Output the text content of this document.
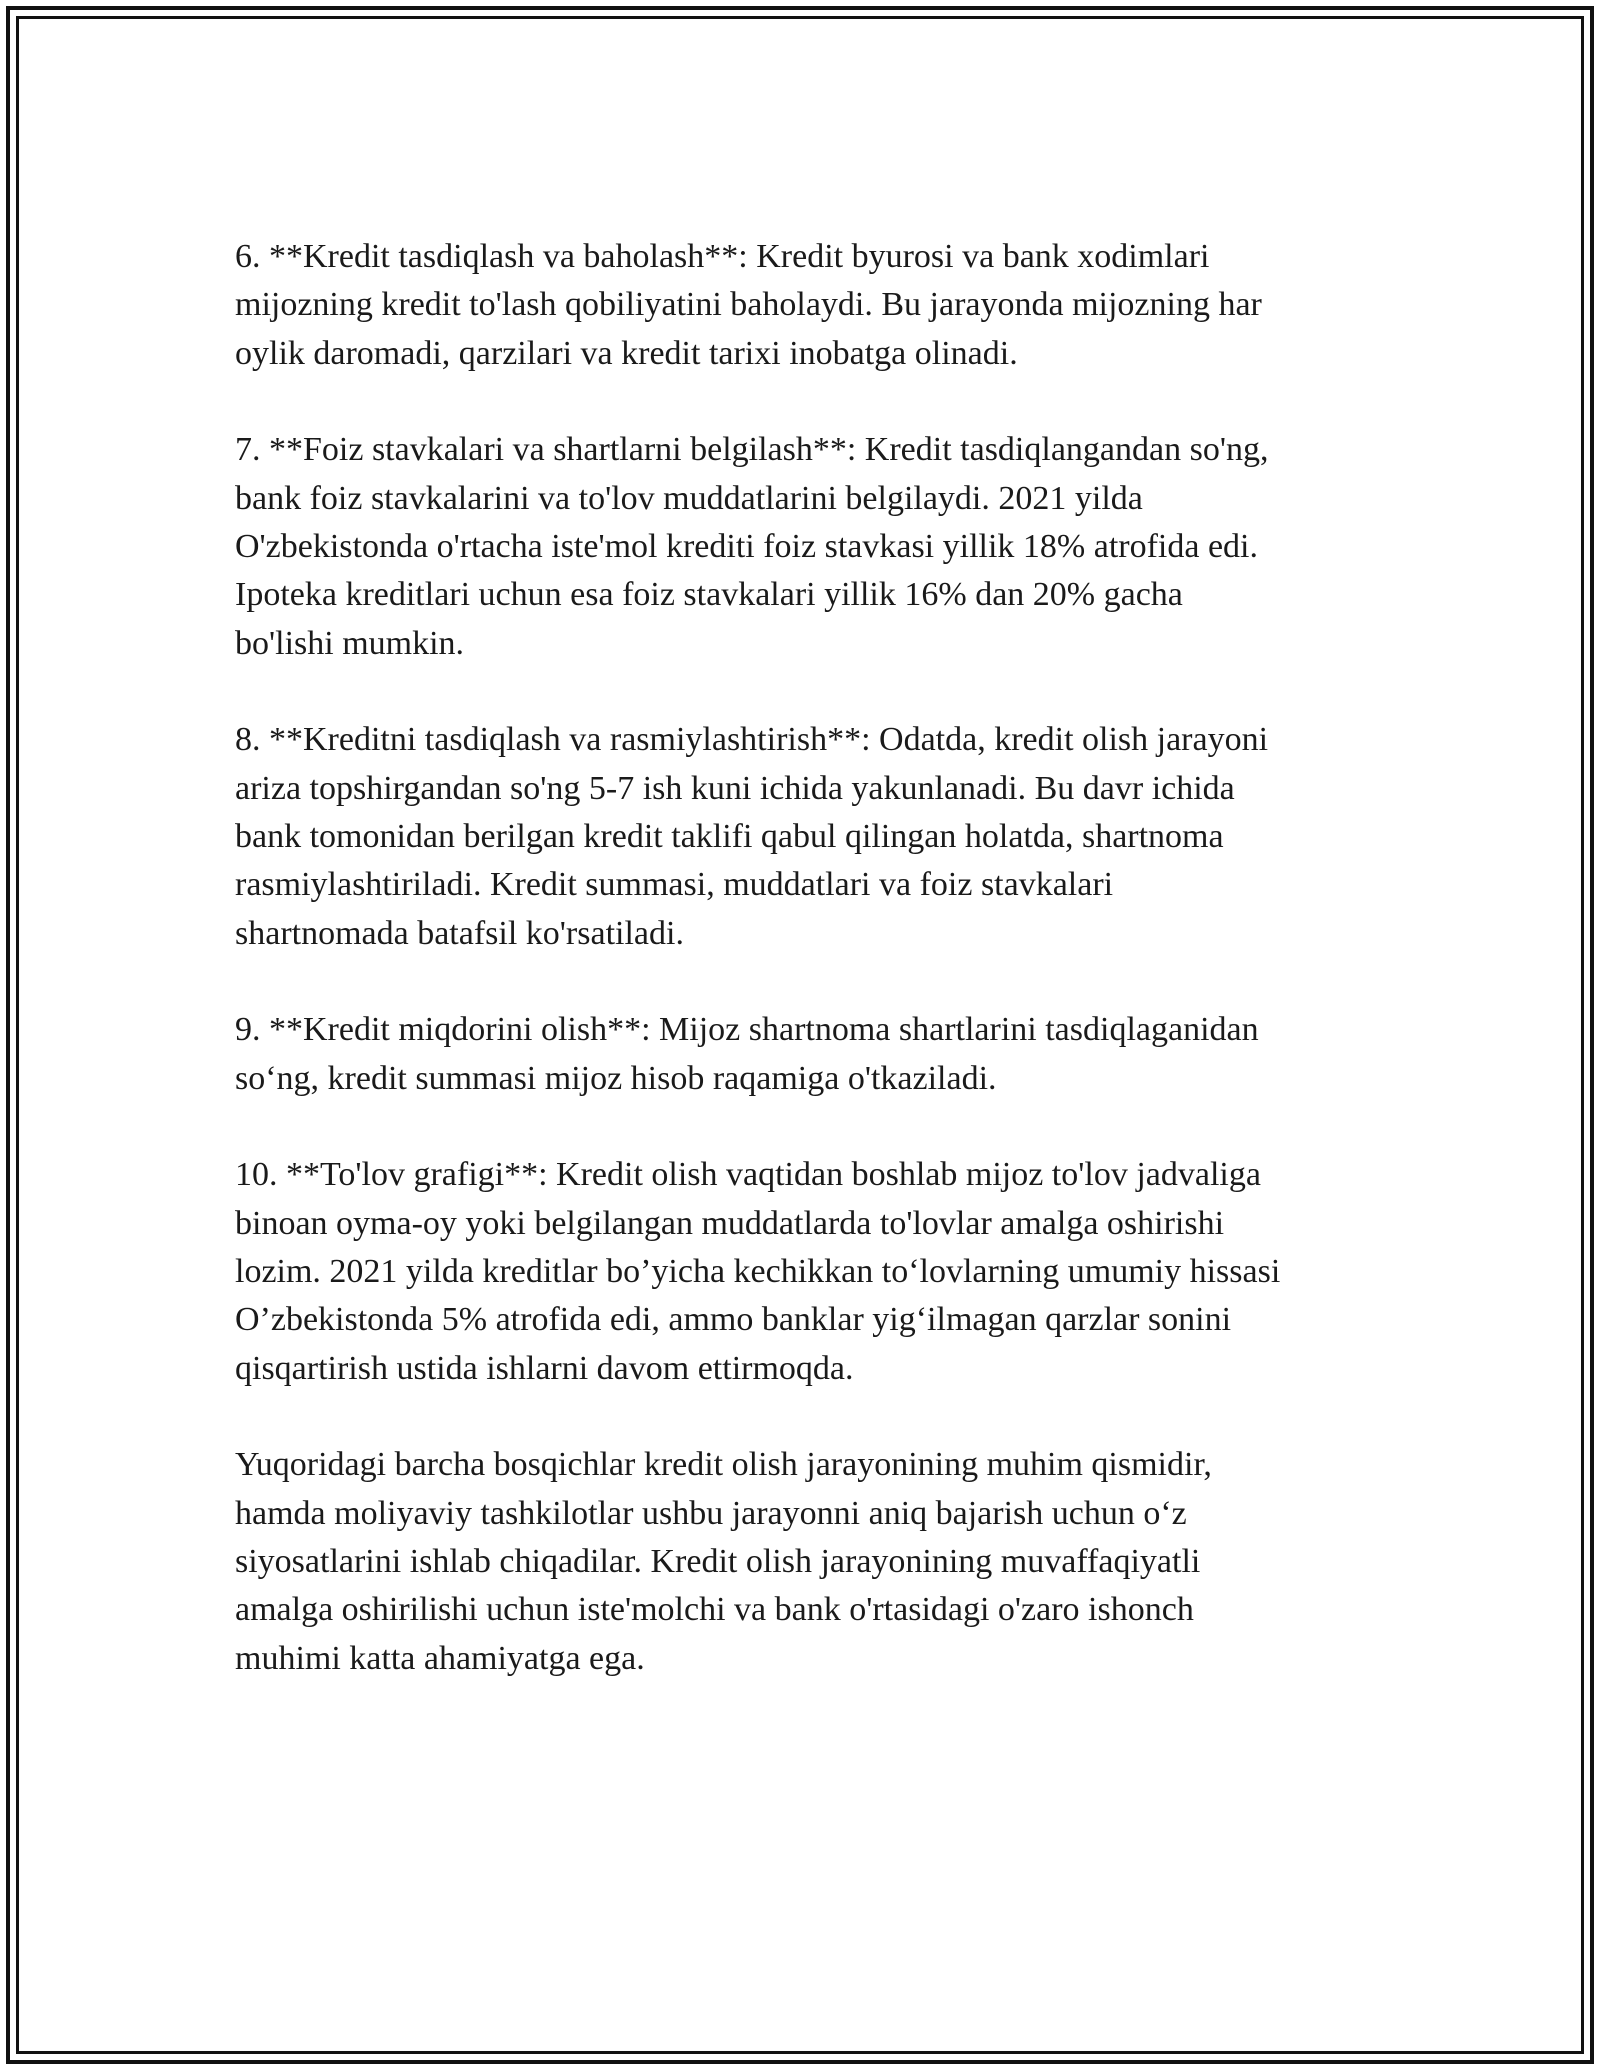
6. **Kredit tasdiqlash va baholash**: Kredit byurosi va bank xodimlari
mijozning kredit to'lash qobiliyatini baholaydi. Bu jarayonda mijozning har
oylik daromadi, qarzilari va kredit tarixi inobatga olinadi.

7. **Foiz stavkalari va shartlarni belgilash**: Kredit tasdiqlangandan so'ng,
bank foiz stavkalarini va to'lov muddatlarini belgilaydi. 2021 yilda
O'zbekistonda o'rtacha iste'mol krediti foiz stavkasi yillik 18% atrofida edi.
Ipoteka kreditlari uchun esa foiz stavkalari yillik 16% dan 20% gacha
bo'lishi mumkin.

8. **Kreditni tasdiqlash va rasmiylashtirish**: Odatda, kredit olish jarayoni
ariza topshirgandan so'ng 5-7 ish kuni ichida yakunlanadi. Bu davr ichida
bank tomonidan berilgan kredit taklifi qabul qilingan holatda, shartnoma
rasmiylashtiriladi. Kredit summasi, muddatlari va foiz stavkalari
shartnomada batafsil ko'rsatiladi.

9. **Kredit miqdorini olish**: Mijoz shartnoma shartlarini tasdiqlaganidan
so‘ng, kredit summasi mijoz hisob raqamiga o'tkaziladi.

10. **To'lov grafigi**: Kredit olish vaqtidan boshlab mijoz to'lov jadvaliga
binoan oyma-oy yoki belgilangan muddatlarda to'lovlar amalga oshirishi
lozim. 2021 yilda kreditlar bo’yicha kechikkan to‘lovlarning umumiy hissasi
O’zbekistonda 5% atrofida edi, ammo banklar yig‘ilmagan qarzlar sonini
qisqartirish ustida ishlarni davom ettirmoqda.

Yuqoridagi barcha bosqichlar kredit olish jarayonining muhim qismidir,
hamda moliyaviy tashkilotlar ushbu jarayonni aniq bajarish uchun o‘z
siyosatlarini ishlab chiqadilar. Kredit olish jarayonining muvaffaqiyatli
amalga oshirilishi uchun iste'molchi va bank o'rtasidagi o'zaro ishonch
muhimi katta ahamiyatga ega.
